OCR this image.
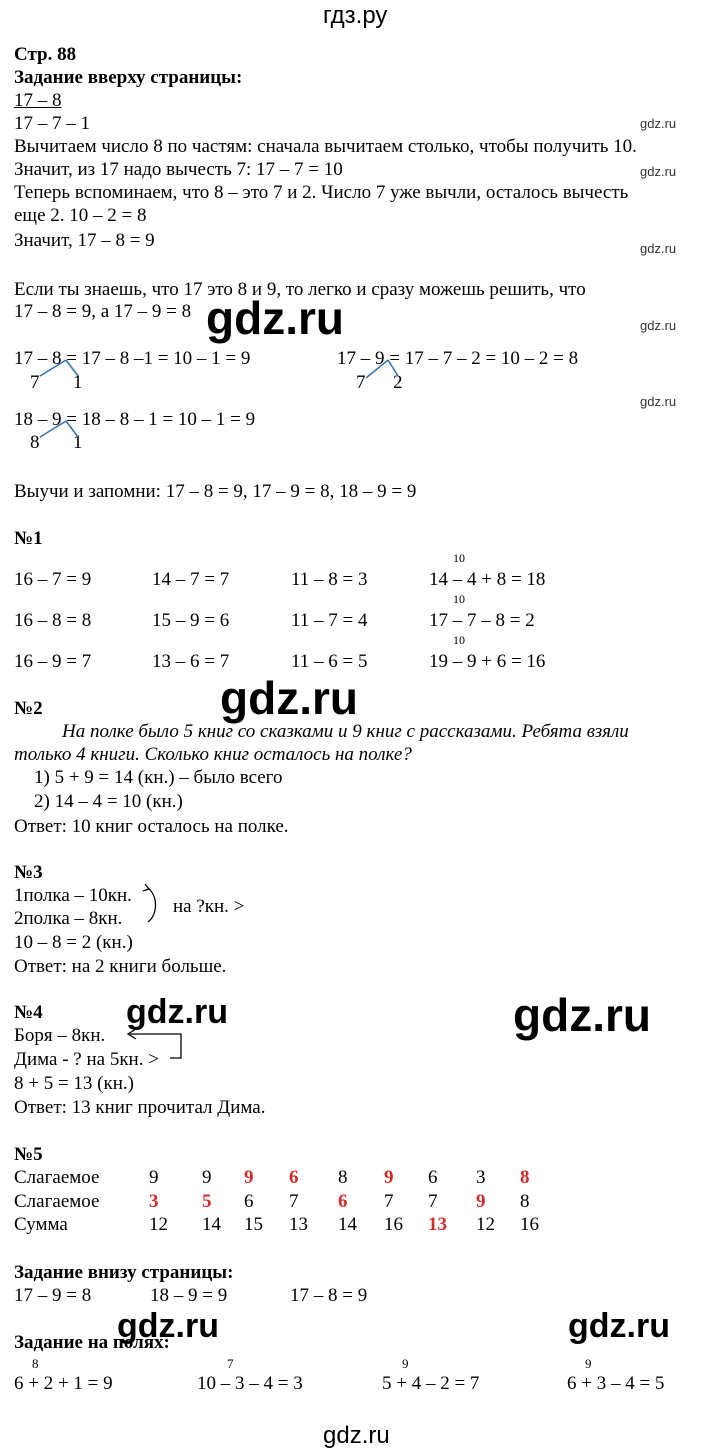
гдз.ру
Стр. 88
Задание вверху страницы:
17 – 8
17 – 7 – 1
Вычитаем число 8 по частям: сначала вычитаем столько, чтобы получить 10.
Значит, из 17 надо вычесть 7: 17 – 7 = 10
Теперь вспоминаем, что 8 – это 7 и 2. Число 7 уже вычли, осталось вычесть
еще 2. 10 – 2 = 8
Значит, 17 – 8 = 9
Если ты знаешь, что 17 это 8 и 9, то легко и сразу можешь решить, что
17 – 8 = 9, а 17 – 9 = 8
17 – 8 = 17 – 8 –1 = 10 – 1 = 9
7 1
17 – 9 = 17 – 7 – 2 = 10 – 2 = 8
7 2
18 – 9 = 18 – 8 – 1 = 10 – 1 = 9
8 1
Выучи и запомни: 17 – 8 = 9, 17 – 9 = 8, 18 – 9 = 9
№1
10
16 – 7 = 9	14 – 7 = 7	11 – 8 = 3	14 – 4 + 8 = 18
10
16 – 8 = 8	15 – 9 = 6	11 – 7 = 4	17 – 7 – 8 = 2
10
16 – 9 = 7	13 – 6 = 7	11 – 6 = 5	19 – 9 + 6 = 16
№2
На полке было 5 книг со сказками и 9 книг с рассказами. Ребята взяли
только 4 книги. Сколько книг осталось на полке?
1) 5 + 9 = 14 (кн.) – было всего
2) 14 – 4 = 10 (кн.)
Ответ: 10 книг осталось на полке.
№3
1полка – 10кн.
2полка – 8кн.
на ?кн. >
10 – 8 = 2 (кн.)
Ответ: на 2 книги больше.
№4
Боря – 8кн.
Дима - ? на 5кн. >
8 + 5 = 13 (кн.)
Ответ: 13 книг прочитал Дима.
№5
Слагаемое	9 9 9 6 8 9 6 3 8
Слагаемое	3 5 6 7 6 7 7 9 8
Сумма	12 14 15 13 14 16 13 12 16
Задание внизу страницы:
17 – 9 = 8	18 – 9 = 9	17 – 8 = 9
Задание на полях:
8
6 + 2 + 1 = 9
7
10 – 3 – 4 = 3
9
5 + 4 – 2 = 7
9
6 + 3 – 4 = 5
gdz.ru
gdz.ru
gdz.ru
gdz.ru
gdz.ru
gdz.ru
gdz.ru
gdz.ru	gdz.ru
gdz.ru	gdz.ru
gdz.ru
